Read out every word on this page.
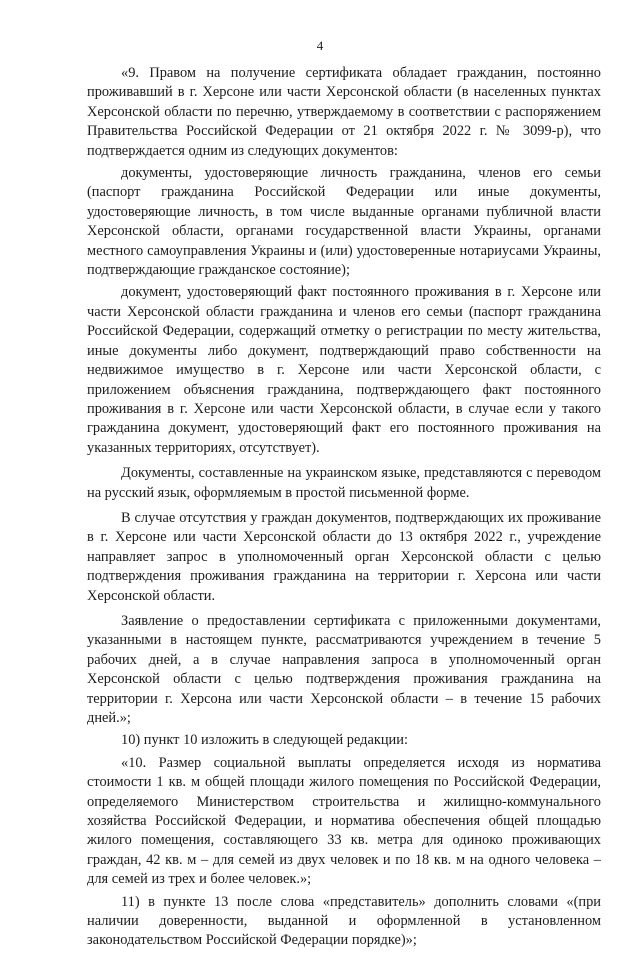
4

«9. Правом на получение сертификата обладает гражданин, постоянно проживавший в г. Херсоне или части Херсонской области (в населенных пунктах Херсонской области по перечню, утверждаемому в соответствии с распоряжением Правительства Российской Федерации от 21 октября 2022 г. № 3099-р), что подтверждается одним из следующих документов:

документы, удостоверяющие личность гражданина, членов его семьи (паспорт гражданина Российской Федерации или иные документы, удостоверяющие личность, в том числе выданные органами публичной власти Херсонской области, органами государственной власти Украины, органами местного самоуправления Украины и (или) удостоверенные нотариусами Украины, подтверждающие гражданское состояние);

документ, удостоверяющий факт постоянного проживания в г. Херсоне или части Херсонской области гражданина и членов его семьи (паспорт гражданина Российской Федерации, содержащий отметку о регистрации по месту жительства, иные документы либо документ, подтверждающий право собственности на недвижимое имущество в г. Херсоне или части Херсонской области, с приложением объяснения гражданина, подтверждающего факт постоянного проживания в г. Херсоне или части Херсонской области, в случае если у такого гражданина документ, удостоверяющий факт его постоянного проживания на указанных территориях, отсутствует).

Документы, составленные на украинском языке, представляются с переводом на русский язык, оформляемым в простой письменной форме.

В случае отсутствия у граждан документов, подтверждающих их проживание в г. Херсоне или части Херсонской области до 13 октября 2022 г., учреждение направляет запрос в уполномоченный орган Херсонской области с целью подтверждения проживания гражданина на территории г. Херсона или части Херсонской области.

Заявление о предоставлении сертификата с приложенными документами, указанными в настоящем пункте, рассматриваются учреждением в течение 5 рабочих дней, а в случае направления запроса в уполномоченный орган Херсонской области с целью подтверждения проживания гражданина на территории г. Херсона или части Херсонской области – в течение 15 рабочих дней.»;

10) пункт 10 изложить в следующей редакции:

«10. Размер социальной выплаты определяется исходя из норматива стоимости 1 кв. м общей площади жилого помещения по Российской Федерации, определяемого Министерством строительства и жилищно-коммунального хозяйства Российской Федерации, и норматива обеспечения общей площадью жилого помещения, составляющего 33 кв. метра для одиноко проживающих граждан, 42 кв. м – для семей из двух человек и по 18 кв. м на одного человека – для семей из трех и более человек.»;

11) в пункте 13 после слова «представитель» дополнить словами «(при наличии доверенности, выданной и оформленной в установленном законодательством Российской Федерации порядке)»;
